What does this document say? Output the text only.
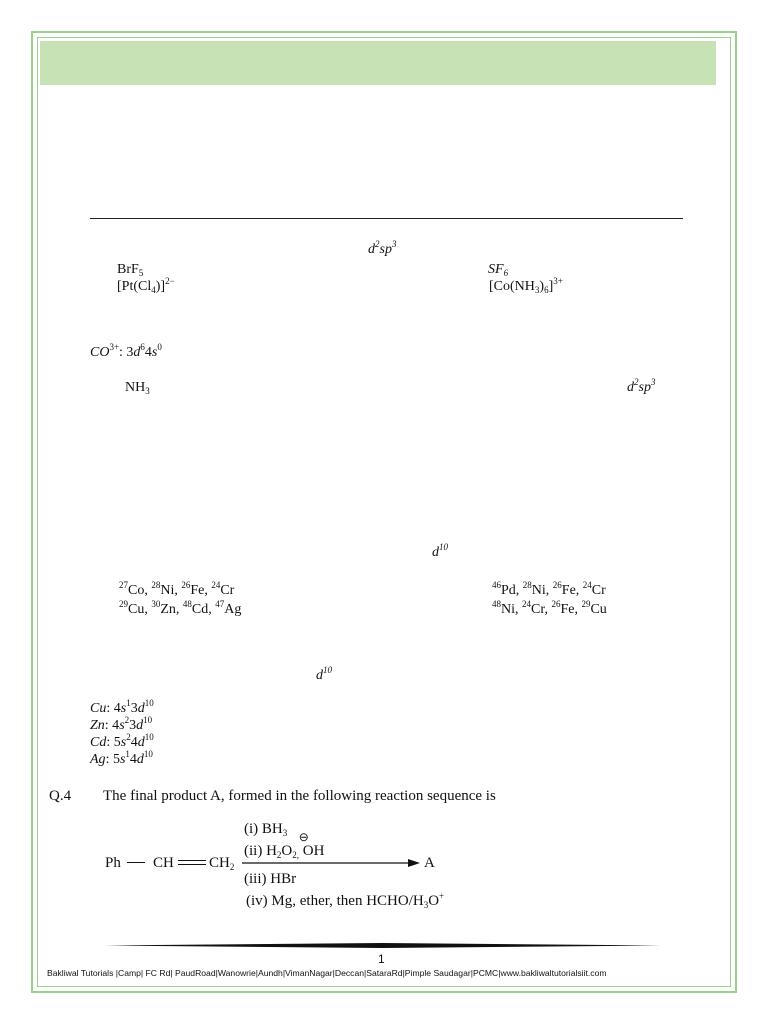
$d^2sp^3$
BrF$_5$	$SF_6$
$[Pt(Cl_4)]^{2-}$	$[Co(NH_3)_6]^{3+}$
$CO^{3+}$: $3d^64s^0$
$NH_3$	$d^2sp^3$
$d^{10}$
$^{27}$Co, $^{28}$Ni, $^{26}$Fe, $^{24}$Cr	$^{46}$Pd, $^{28}$Ni, $^{26}$Fe, $^{24}$Cr
$^{29}$Cu, $^{30}$Zn, $^{48}$Cd, $^{47}$Ag	$^{48}$Ni, $^{24}$Cr, $^{26}$Fe, $^{29}$Cu
$d^{10}$
Cu: $4s^13d^{10}$
Zn: $4s^23d^{10}$
Cd: $5s^24d^{10}$
Ag: $5s^14d^{10}$
Q.4 The final product A, formed in the following reaction sequence is
Ph CH $CH_2$
(i) $BH_3$
(ii) $H_2O_{2,}$
⊖
OH
A
(iii) HBr
(iv) Mg, ether, then HCHO/$H_3O^+$
1
Bakliwal Tutorials |Camp| FC Rd| PaudRoad|Wanowrie|Aundh|VimanNagar|Deccan|SataraRd|Pimple Saudagar|PCMC|www.bakliwaltutorialsiit.com
